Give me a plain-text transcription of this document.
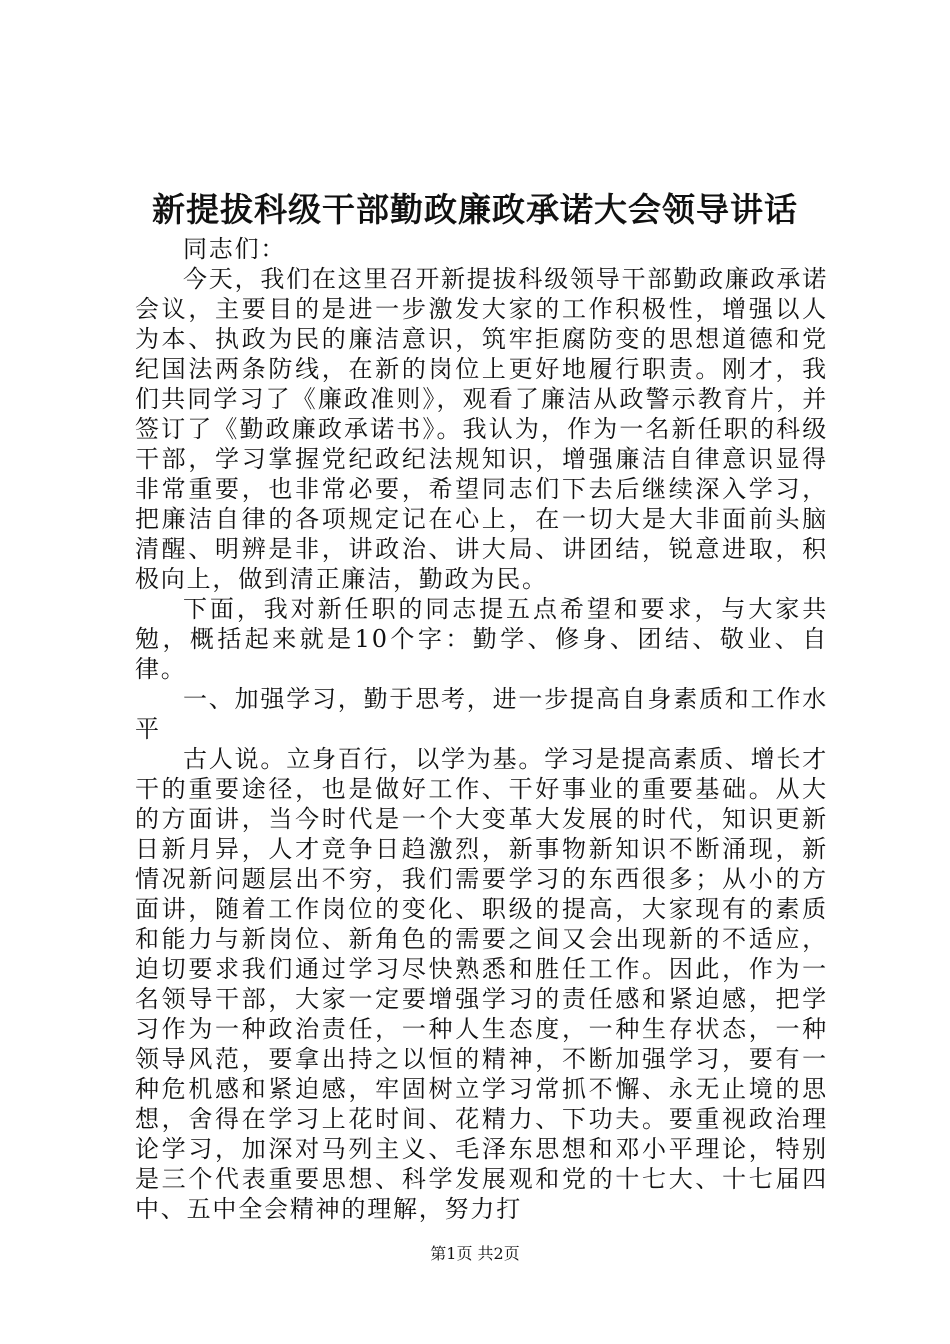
新提拔科级干部勤政廉政承诺大会领导讲话

同志们：

今天，我们在这里召开新提拔科级领导干部勤政廉政承诺会议，主要目的是进一步激发大家的工作积极性，增强以人为本、执政为民的廉洁意识，筑牢拒腐防变的思想道德和党纪国法两条防线，在新的岗位上更好地履行职责。刚才，我们共同学习了《廉政准则》，观看了廉洁从政警示教育片，并签订了《勤政廉政承诺书》。我认为，作为一名新任职的科级干部，学习掌握党纪政纪法规知识，增强廉洁自律意识显得非常重要，也非常必要，希望同志们下去后继续深入学习，把廉洁自律的各项规定记在心上，在一切大是大非面前头脑清醒、明辨是非，讲政治、讲大局、讲团结，锐意进取，积极向上，做到清正廉洁，勤政为民。

下面，我对新任职的同志提五点希望和要求，与大家共勉，概括起来就是10个字：勤学、修身、团结、敬业、自律。

一、加强学习，勤于思考，进一步提高自身素质和工作水平

古人说。立身百行，以学为基。学习是提高素质、增长才干的重要途径，也是做好工作、干好事业的重要基础。从大的方面讲，当今时代是一个大变革大发展的时代，知识更新日新月异，人才竞争日趋激烈，新事物新知识不断涌现，新情况新问题层出不穷，我们需要学习的东西很多；从小的方面讲，随着工作岗位的变化、职级的提高，大家现有的素质和能力与新岗位、新角色的需要之间又会出现新的不适应，迫切要求我们通过学习尽快熟悉和胜任工作。因此，作为一名领导干部，大家一定要增强学习的责任感和紧迫感，把学习作为一种政治责任，一种人生态度，一种生存状态，一种领导风范，要拿出持之以恒的精神，不断加强学习，要有一种危机感和紧迫感，牢固树立学习常抓不懈、永无止境的思想，舍得在学习上花时间、花精力、下功夫。要重视政治理论学习，加深对马列主义、毛泽东思想和邓小平理论，特别是三个代表重要思想、科学发展观和党的十七大、十七届四中、五中全会精神的理解，努力打

第1页 共2页
